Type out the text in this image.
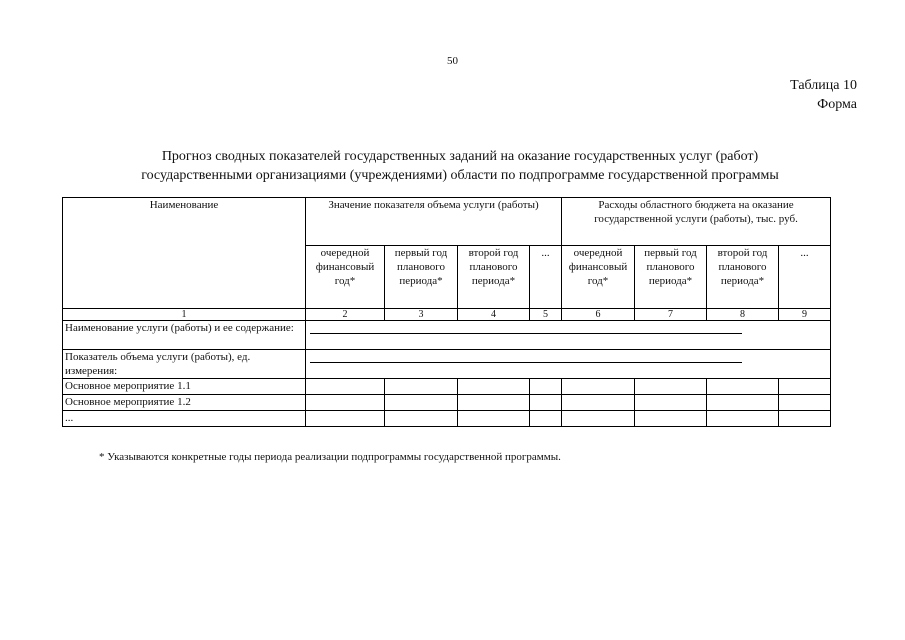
50
Таблица 10
Форма
Прогноз сводных показателей государственных заданий на оказание государственных услуг (работ)
государственными организациями (учреждениями) области по подпрограмме государственной программы
Наименование	Значение показателя объема услуги (работы)				Расходы областного бюджета на оказание государственной услуги (работы), тыс. руб.			
	очередной финансовый год*	первый год планового периода*	второй год планового периода*	...	очередной финансовый год*	первый год планового периода*	второй год планового периода*	...
1	2	3	4	5	6	7	8	9
Наименование услуги (работы) и ее содержание:								

Показатель объема услуги (работы), ед. измерения:								

Основное мероприятие 1.1								
Основное мероприятие 1.2								
...								
* Указываются конкретные годы периода реализации подпрограммы государственной программы.
